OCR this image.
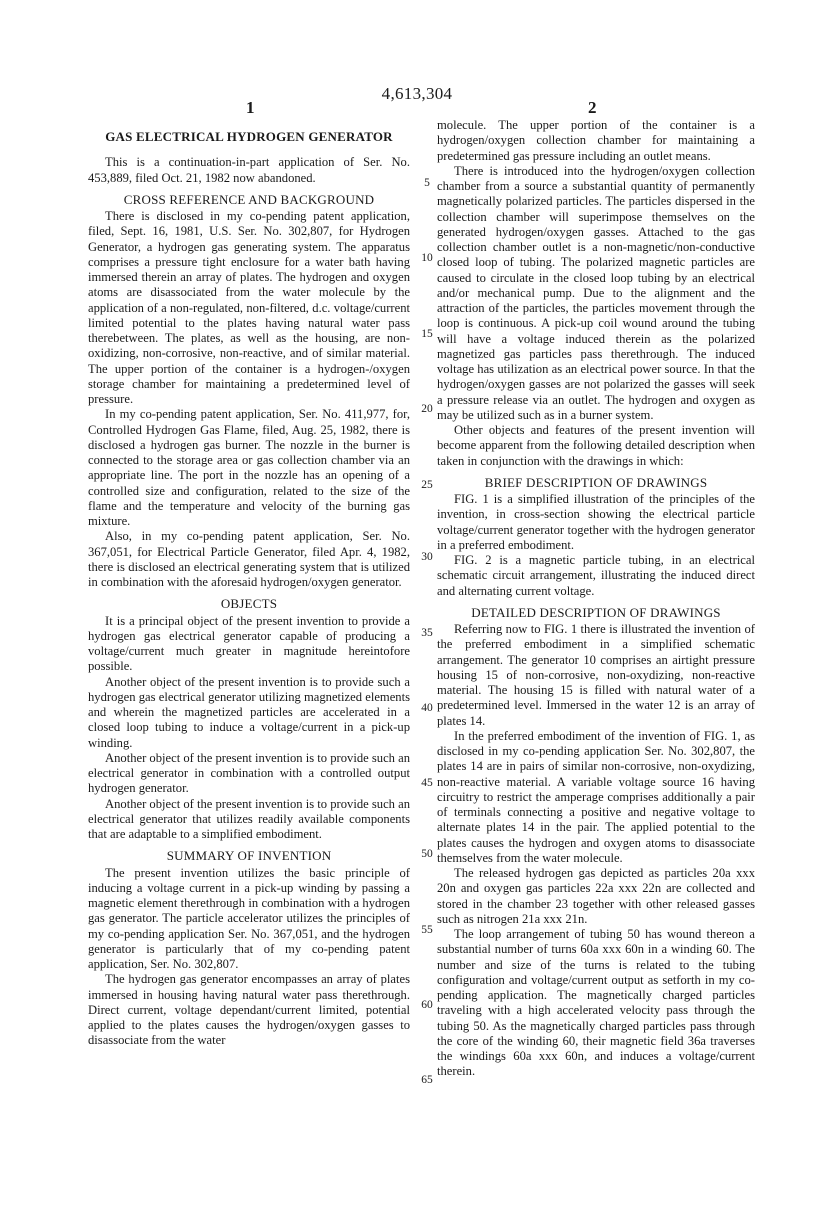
4,613,304
1	2
5
10
15
20
25
30
35
40
45
50
55
60
65
GAS ELECTRICAL HYDROGEN GENERATOR

This is a continuation-in-part application of Ser. No. 453,889, filed Oct. 21, 1982 now abandoned.

CROSS REFERENCE AND BACKGROUND

There is disclosed in my co-pending patent application, filed, Sept. 16, 1981, U.S. Ser. No. 302,807, for Hydrogen Generator, a hydrogen gas generating system. The apparatus comprises a pressure tight enclosure for a water bath having immersed therein an array of plates. The hydrogen and oxygen atoms are disassociated from the water molecule by the application of a non-regulated, non-filtered, d.c. voltage/current limited potential to the plates having natural water pass therebetween. The plates, as well as the housing, are non-oxidizing, non-corrosive, non-reactive, and of similar material. The upper portion of the container is a hydrogen-/oxygen storage chamber for maintaining a predetermined level of pressure.

In my co-pending patent application, Ser. No. 411,977, for, Controlled Hydrogen Gas Flame, filed, Aug. 25, 1982, there is disclosed a hydrogen gas burner. The nozzle in the burner is connected to the storage area or gas collection chamber via an appropriate line. The port in the nozzle has an opening of a controlled size and configuration, related to the size of the flame and the temperature and velocity of the burning gas mixture.

Also, in my co-pending patent application, Ser. No. 367,051, for Electrical Particle Generator, filed Apr. 4, 1982, there is disclosed an electrical generating system that is utilized in combination with the aforesaid hydrogen/oxygen generator.

OBJECTS

It is a principal object of the present invention to provide a hydrogen gas electrical generator capable of producing a voltage/current much greater in magnitude hereintofore possible.

Another object of the present invention is to provide such a hydrogen gas electrical generator utilizing magnetized elements and wherein the magnetized particles are accelerated in a closed loop tubing to induce a voltage/current in a pick-up winding.

Another object of the present invention is to provide such an electrical generator in combination with a controlled output hydrogen generator.

Another object of the present invention is to provide such an electrical generator that utilizes readily available components that are adaptable to a simplified embodiment.

SUMMARY OF INVENTION

The present invention utilizes the basic principle of inducing a voltage current in a pick-up winding by passing a magnetic element therethrough in combination with a hydrogen gas generator. The particle accelerator utilizes the principles of my co-pending application Ser. No. 367,051, and the hydrogen generator is particularly that of my co-pending patent application, Ser. No. 302,807.

The hydrogen gas generator encompasses an array of plates immersed in housing having natural water pass therethrough. Direct current, voltage dependant/current limited, potential applied to the plates causes the hydrogen/oxygen gasses to disassociate from the water

molecule. The upper portion of the container is a hydrogen/oxygen collection chamber for maintaining a predetermined gas pressure including an outlet means.

There is introduced into the hydrogen/oxygen collection chamber from a source a substantial quantity of permanently magnetically polarized particles. The particles dispersed in the collection chamber will superimpose themselves on the generated hydrogen/oxygen gasses. Attached to the gas collection chamber outlet is a non-magnetic/non-conductive closed loop of tubing. The polarized magnetic particles are caused to circulate in the closed loop tubing by an electrical and/or mechanical pump. Due to the alignment and the attraction of the particles, the particles movement through the loop is continuous. A pick-up coil wound around the tubing will have a voltage induced therein as the polarized magnetized gas particles pass therethrough. The induced voltage has utilization as an electrical power source. In that the hydrogen/oxygen gasses are not polarized the gasses will seek a pressure release via an outlet. The hydrogen and oxygen as may be utilized such as in a burner system.

Other objects and features of the present invention will become apparent from the following detailed description when taken in conjunction with the drawings in which:

BRIEF DESCRIPTION OF DRAWINGS

FIG. 1 is a simplified illustration of the principles of the invention, in cross-section showing the electrical particle voltage/current generator together with the hydrogen generator in a preferred embodiment.

FIG. 2 is a magnetic particle tubing, in an electrical schematic circuit arrangement, illustrating the induced direct and alternating current voltage.

DETAILED DESCRIPTION OF DRAWINGS

Referring now to FIG. 1 there is illustrated the invention of the preferred embodiment in a simplified schematic arrangement. The generator 10 comprises an airtight pressure housing 15 of non-corrosive, non-oxydizing, non-reactive material. The housing 15 is filled with natural water of a predetermined level. Immersed in the water 12 is an array of plates 14.

In the preferred embodiment of the invention of FIG. 1, as disclosed in my co-pending application Ser. No. 302,807, the plates 14 are in pairs of similar non-corrosive, non-oxydizing, non-reactive material. A variable voltage source 16 having circuitry to restrict the amperage comprises additionally a pair of terminals connecting a positive and negative voltage to alternate plates 14 in the pair. The applied potential to the plates causes the hydrogen and oxygen atoms to disassociate themselves from the water molecule.

The released hydrogen gas depicted as particles 20a xxx 20n and oxygen gas particles 22a xxx 22n are collected and stored in the chamber 23 together with other released gasses such as nitrogen 21a xxx 21n.

The loop arrangement of tubing 50 has wound thereon a substantial number of turns 60a xxx 60n in a winding 60. The number and size of the turns is related to the tubing configuration and voltage/current output as setforth in my co-pending application. The magnetically charged particles traveling with a high accelerated velocity pass through the tubing 50. As the magnetically charged particles pass through the core of the winding 60, their magnetic field 36a traverses the windings 60a xxx 60n, and induces a voltage/current therein.
